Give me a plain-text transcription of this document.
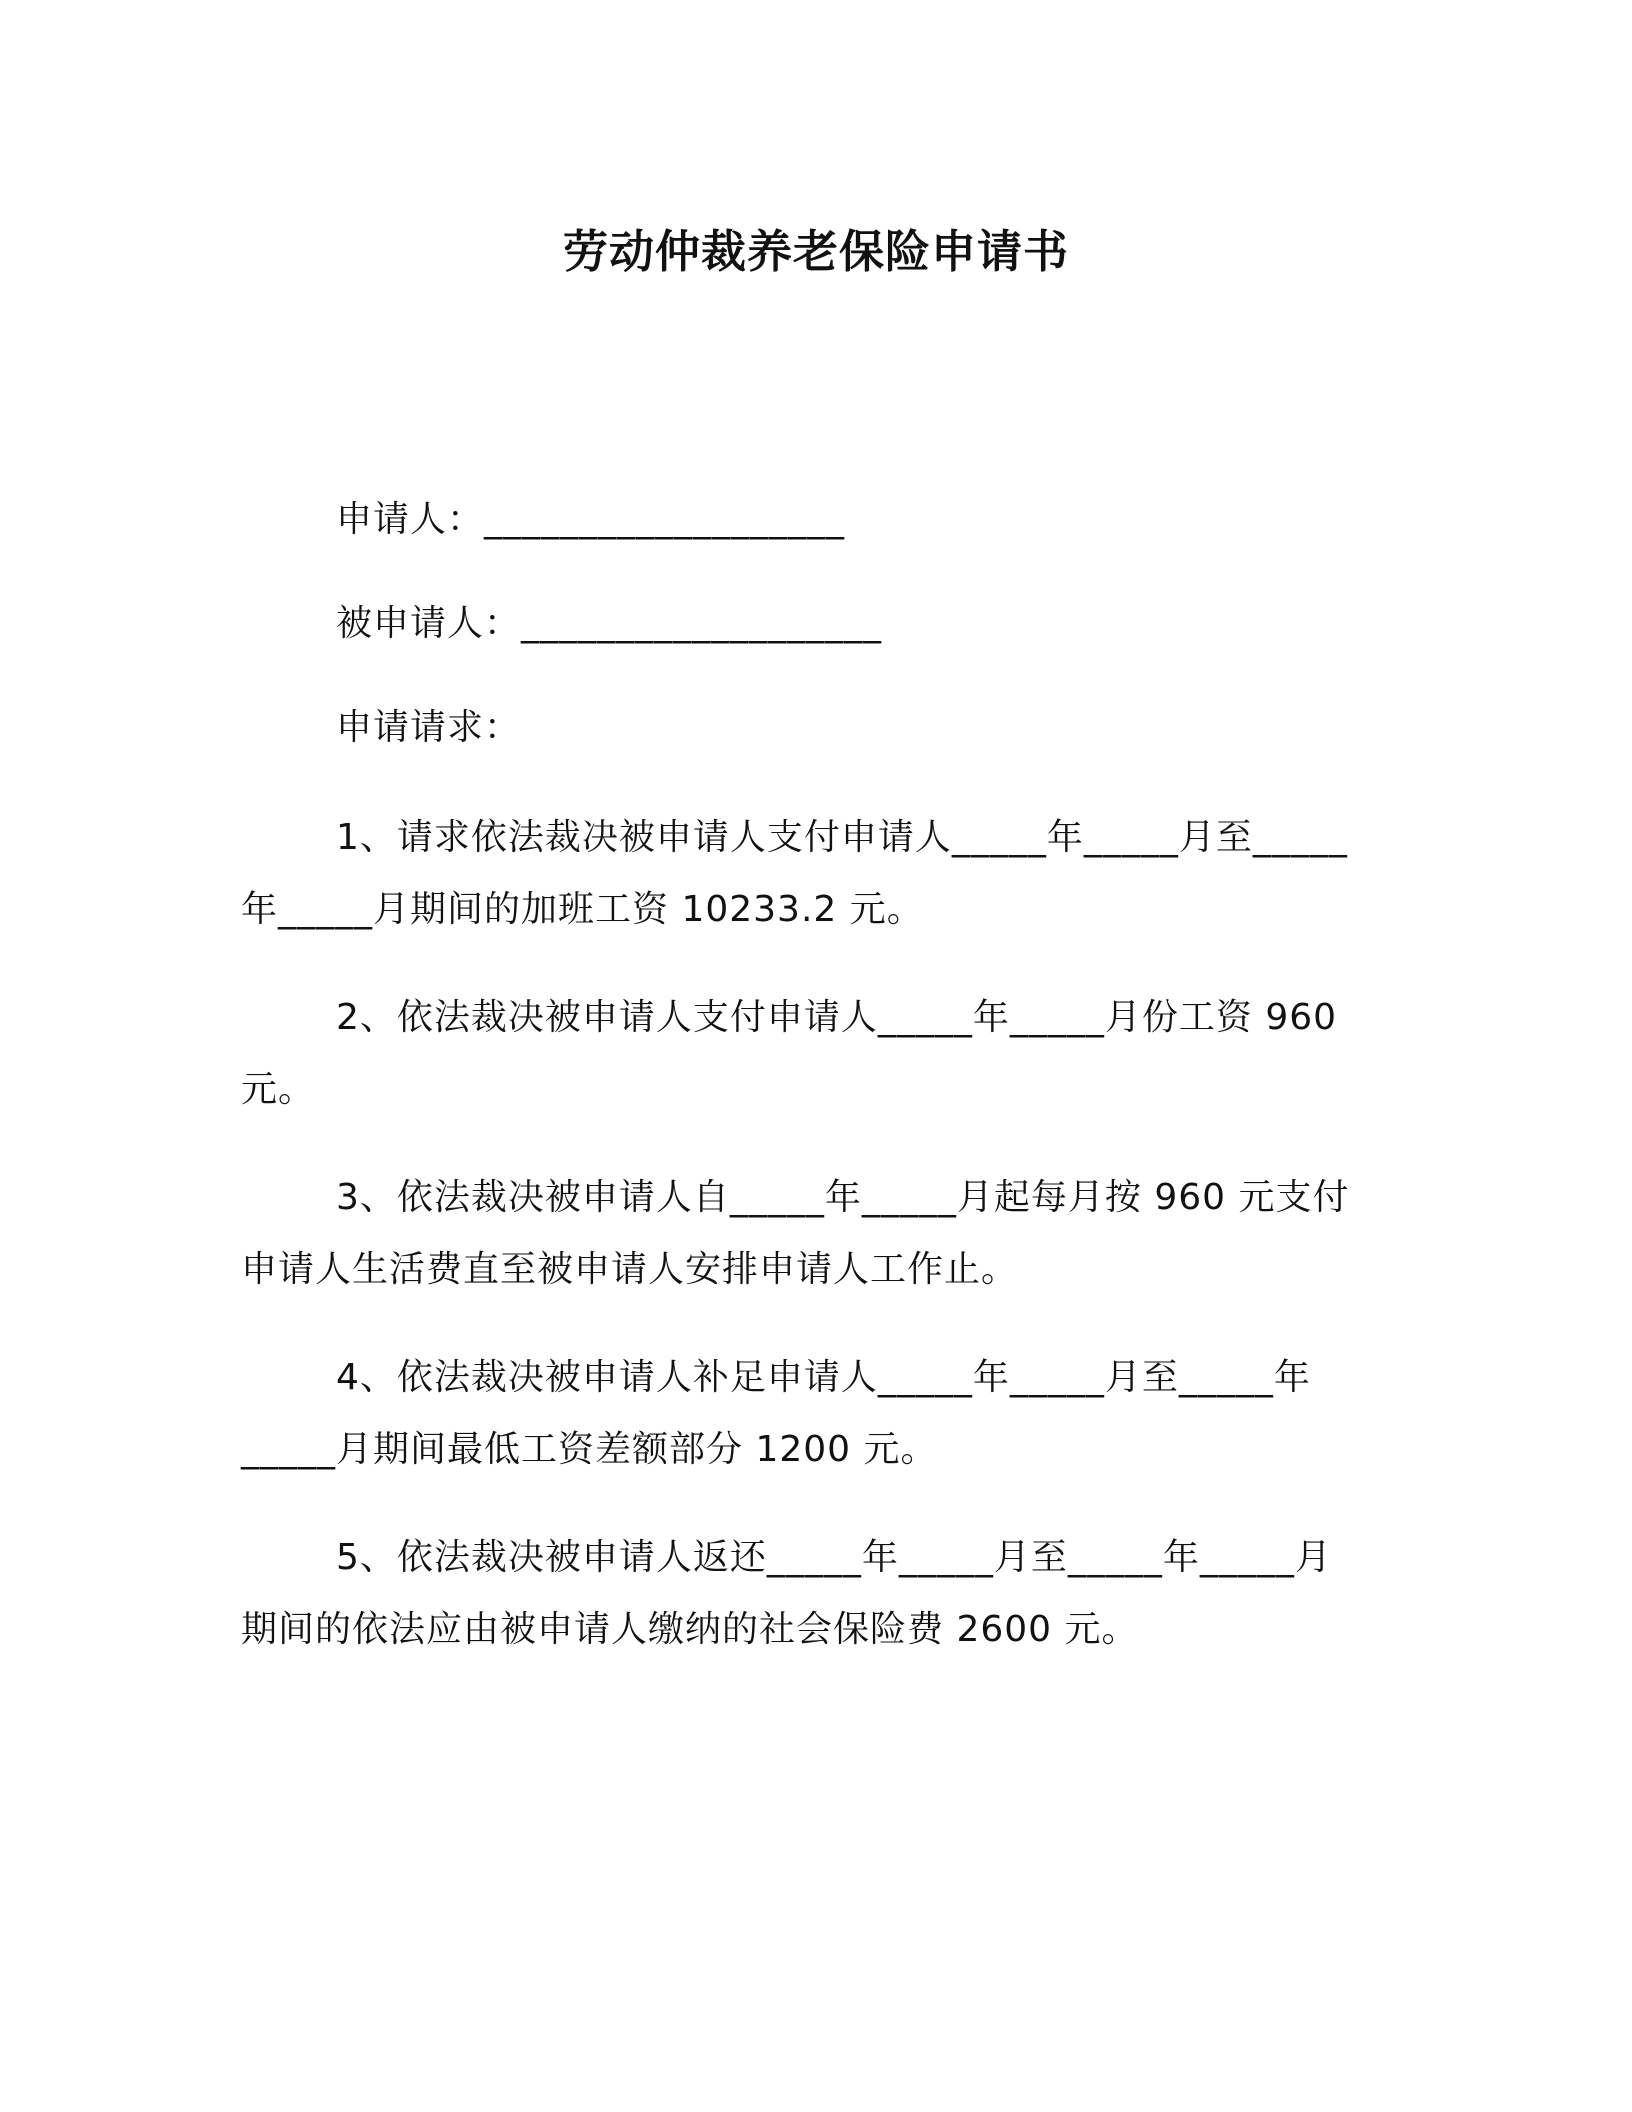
劳动仲裁养老保险申请书
申请人：___________________
被申请人：___________________
申请请求：
1、请求依法裁决被申请人支付申请人_____年_____月至_____
年_____月期间的加班工资 10233.2 元。
2、依法裁决被申请人支付申请人_____年_____月份工资 960
元。
3、依法裁决被申请人自_____年_____月起每月按 960 元支付
申请人生活费直至被申请人安排申请人工作止。
4、依法裁决被申请人补足申请人_____年_____月至_____年
_____月期间最低工资差额部分 1200 元。
5、依法裁决被申请人返还_____年_____月至_____年_____月
期间的依法应由被申请人缴纳的社会保险费 2600 元。
